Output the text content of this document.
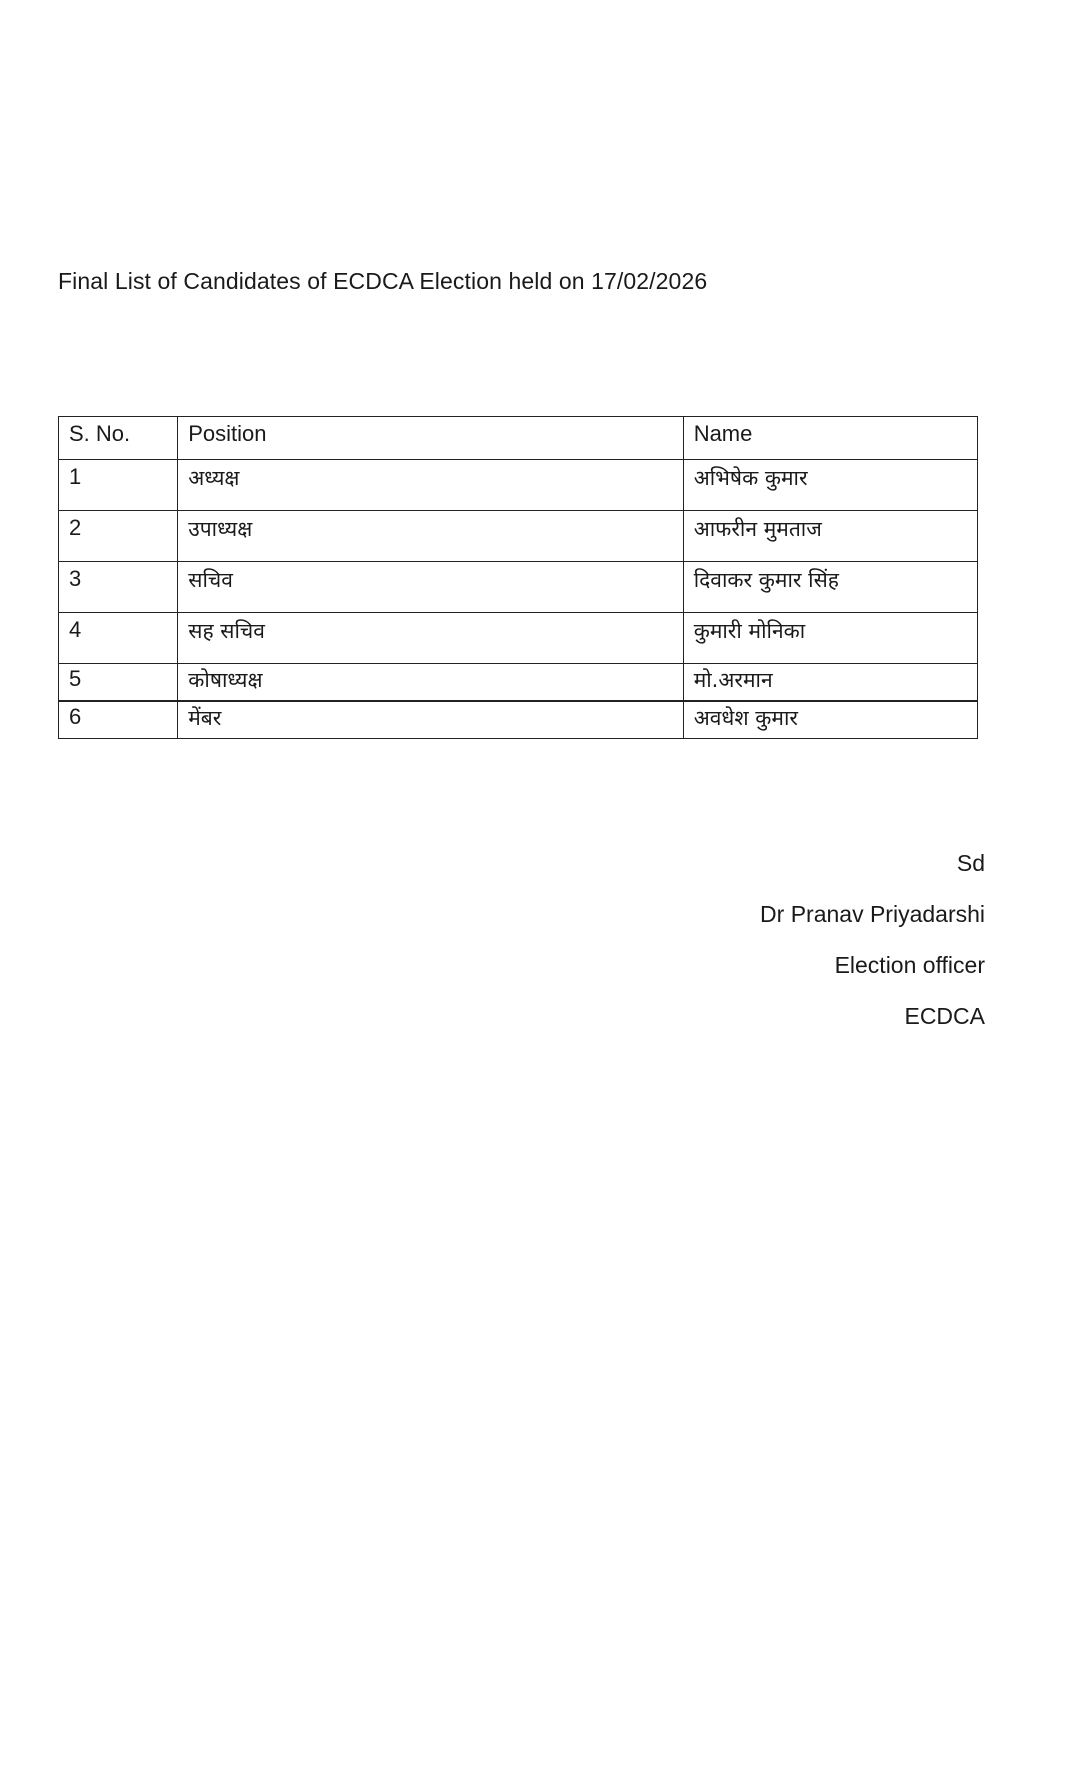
Final List of Candidates of ECDCA Election held on 17/02/2026
S. No.	Position	Name
1	अध्यक्ष	अभिषेक कुमार
2	उपाध्यक्ष	आफरीन मुमताज
3	सचिव	दिवाकर कुमार सिंह
4	सह सचिव	कुमारी मोनिका
5	कोषाध्यक्ष	मो.अरमान
6	मेंबर	अवधेश कुमार
Sd
Dr Pranav Priyadarshi
Election officer
ECDCA
